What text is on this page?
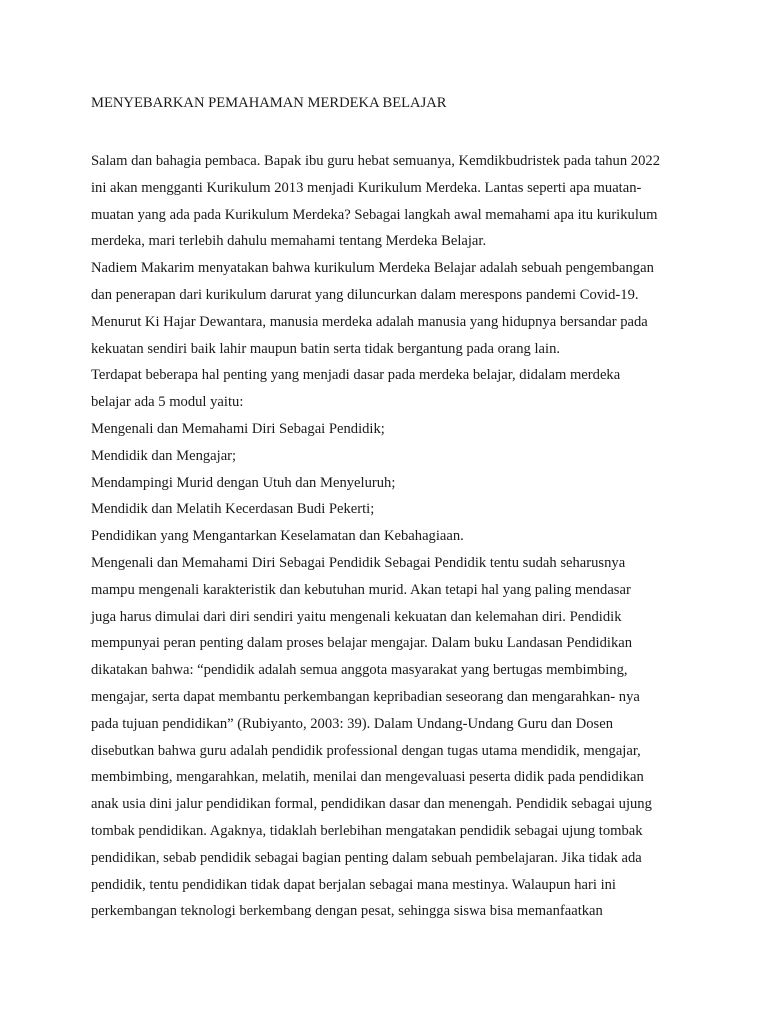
MENYEBARKAN PEMAHAMAN MERDEKA BELAJAR
Salam dan bahagia pembaca. Bapak ibu guru hebat semuanya, Kemdikbudristek pada tahun 2022
ini akan mengganti Kurikulum 2013 menjadi Kurikulum Merdeka. Lantas seperti apa muatan-
muatan yang ada pada Kurikulum Merdeka? Sebagai langkah awal memahami apa itu kurikulum
merdeka, mari terlebih dahulu memahami tentang Merdeka Belajar.
Nadiem Makarim menyatakan bahwa kurikulum Merdeka Belajar adalah sebuah pengembangan
dan penerapan dari kurikulum darurat yang diluncurkan dalam merespons pandemi Covid-19.
Menurut Ki Hajar Dewantara, manusia merdeka adalah manusia yang hidupnya bersandar pada
kekuatan sendiri baik lahir maupun batin serta tidak bergantung pada orang lain.
Terdapat beberapa hal penting yang menjadi dasar pada merdeka belajar, didalam merdeka
belajar ada 5 modul yaitu:
Mengenali dan Memahami Diri Sebagai Pendidik;
Mendidik dan Mengajar;
Mendampingi Murid dengan Utuh dan Menyeluruh;
Mendidik dan Melatih Kecerdasan Budi Pekerti;
Pendidikan yang Mengantarkan Keselamatan dan Kebahagiaan.
Mengenali dan Memahami Diri Sebagai Pendidik Sebagai Pendidik tentu sudah seharusnya
mampu mengenali karakteristik dan kebutuhan murid. Akan tetapi hal yang paling mendasar
juga harus dimulai dari diri sendiri yaitu mengenali kekuatan dan kelemahan diri. Pendidik
mempunyai peran penting dalam proses belajar mengajar. Dalam buku Landasan Pendidikan
dikatakan bahwa: “pendidik adalah semua anggota masyarakat yang bertugas membimbing,
mengajar, serta dapat membantu perkembangan kepribadian seseorang dan mengarahkan- nya
pada tujuan pendidikan” (Rubiyanto, 2003: 39). Dalam Undang-Undang Guru dan Dosen
disebutkan bahwa guru adalah pendidik professional dengan tugas utama mendidik, mengajar,
membimbing, mengarahkan, melatih, menilai dan mengevaluasi peserta didik pada pendidikan
anak usia dini jalur pendidikan formal, pendidikan dasar dan menengah. Pendidik sebagai ujung
tombak pendidikan. Agaknya, tidaklah berlebihan mengatakan pendidik sebagai ujung tombak
pendidikan, sebab pendidik sebagai bagian penting dalam sebuah pembelajaran. Jika tidak ada
pendidik, tentu pendidikan tidak dapat berjalan sebagai mana mestinya. Walaupun hari ini
perkembangan teknologi berkembang dengan pesat, sehingga siswa bisa memanfaatkan
